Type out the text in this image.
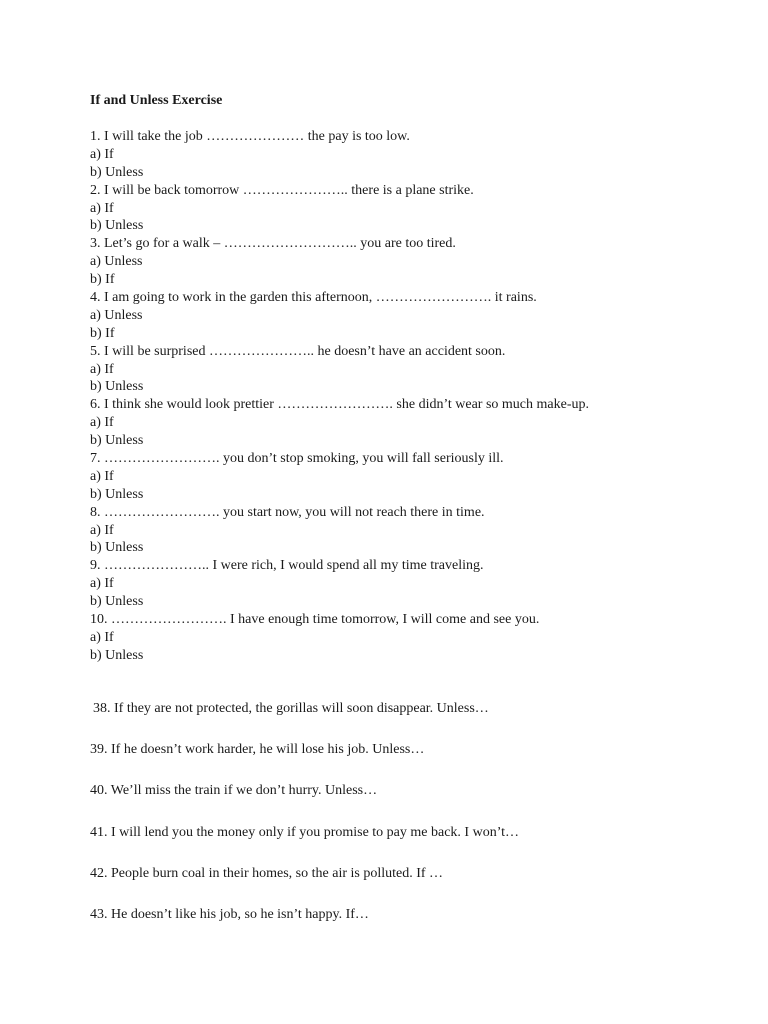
If and Unless Exercise
1. I will take the job ………………… the pay is too low.
a) If
b) Unless
2. I will be back tomorrow ………………….. there is a plane strike.
a) If
b) Unless
3. Let’s go for a walk – ……………………….. you are too tired.
a) Unless
b) If
4. I am going to work in the garden this afternoon, ……………………. it rains.
a) Unless
b) If
5. I will be surprised ………………….. he doesn’t have an accident soon.
a) If
b) Unless
6. I think she would look prettier ……………………. she didn’t wear so much make-up.
a) If
b) Unless
7. ……………………. you don’t stop smoking, you will fall seriously ill.
a) If
b) Unless
8. ……………………. you start now, you will not reach there in time.
a) If
b) Unless
9. ………………….. I were rich, I would spend all my time traveling.
a) If
b) Unless
10. ……………………. I have enough time tomorrow, I will come and see you.
a) If
b) Unless
38. If they are not protected, the gorillas will soon disappear. Unless…
39. If he doesn’t work harder, he will lose his job. Unless…
40. We’ll miss the train if we don’t hurry. Unless…
41. I will lend you the money only if you promise to pay me back. I won’t…
42. People burn coal in their homes, so the air is polluted. If …
43. He doesn’t like his job, so he isn’t happy. If…
